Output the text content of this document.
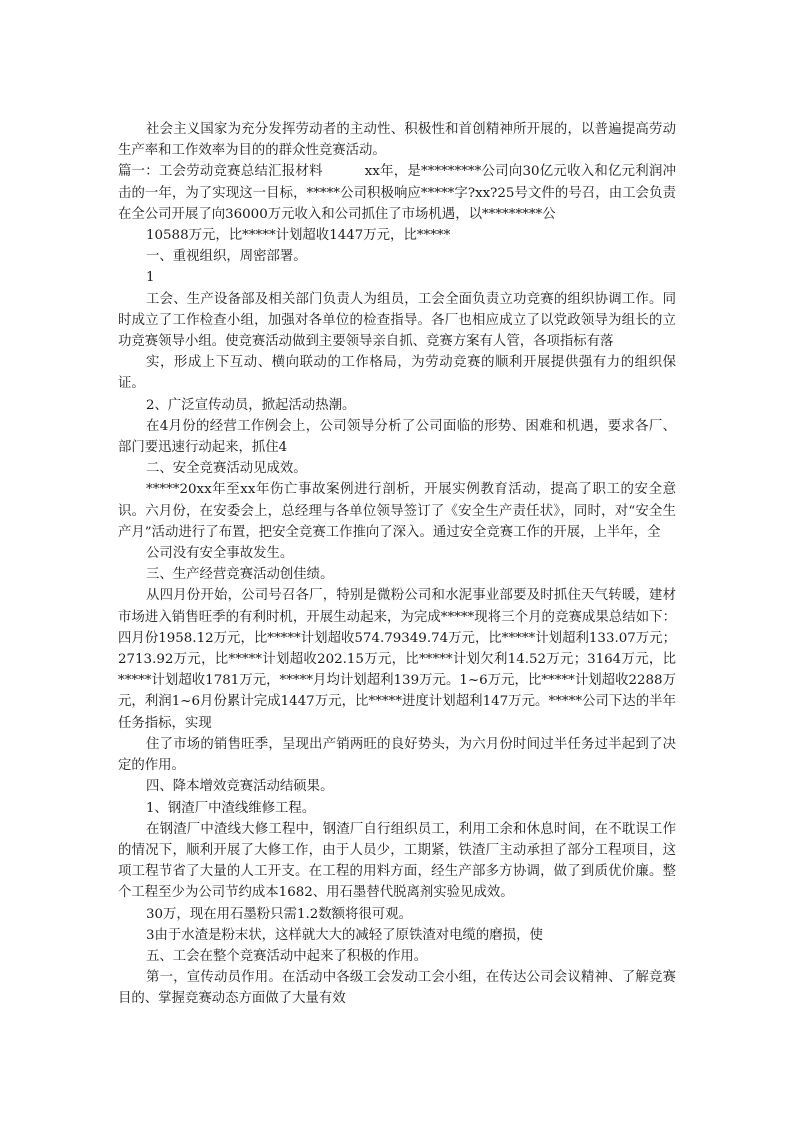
社会主义国家为充分发挥劳动者的主动性、积极性和首创精神所开展的，以普遍提高劳动生产率和工作效率为目的的群众性竞赛活动。

篇一：工会劳动竞赛总结汇报材料	xx年，是*********公司向30亿元收入和亿元利润冲击的一年，为了实现这一目标，*****公司积极响应*****字?xx?25号文件的号召，由工会负责在全公司开展了向36000万元收入和公司抓住了市场机遇，以*********公

10588万元，比*****计划超收1447万元，比*****

一、重视组织，周密部署。

1

工会、生产设备部及相关部门负责人为组员，工会全面负责立功竞赛的组织协调工作。同时成立了工作检查小组，加强对各单位的检查指导。各厂也相应成立了以党政领导为组长的立功竞赛领导小组。使竞赛活动做到主要领导亲自抓、竞赛方案有人管，各项指标有落

实，形成上下互动、横向联动的工作格局，为劳动竞赛的顺利开展提供强有力的组织保证。

2、广泛宣传动员，掀起活动热潮。

在4月份的经营工作例会上，公司领导分析了公司面临的形势、困难和机遇，要求各厂、部门要迅速行动起来，抓住4

二、安全竞赛活动见成效。

*****20xx年至xx年伤亡事故案例进行剖析，开展实例教育活动，提高了职工的安全意识。六月份，在安委会上，总经理与各单位领导签订了《安全生产责任状》，同时，对“安全生产月”活动进行了布置，把安全竞赛工作推向了深入。通过安全竞赛工作的开展，上半年，全

公司没有安全事故发生。

三、生产经营竞赛活动创佳绩。

从四月份开始，公司号召各厂，特别是微粉公司和水泥事业部要及时抓住天气转暖，建材市场进入销售旺季的有利时机，开展生动起来，为完成*****现将三个月的竞赛成果总结如下：四月份1958.12万元，比*****计划超收574.79349.74万元，比*****计划超利133.07万元；2713.92万元，比*****计划超收202.15万元，比*****计划欠利14.52万元；3164万元，比*****计划超收1781万元，*****月均计划超利139万元。1~6万元，比*****计划超收2288万元，利润1~6月份累计完成1447万元，比*****进度计划超利147万元。*****公司下达的半年任务指标，实现

住了市场的销售旺季，呈现出产销两旺的良好势头，为六月份时间过半任务过半起到了决定的作用。

四、降本增效竞赛活动结硕果。

1、钢渣厂中渣线维修工程。

在钢渣厂中渣线大修工程中，钢渣厂自行组织员工，利用工余和休息时间，在不耽误工作的情况下，顺利开展了大修工作，由于人员少，工期紧，铁渣厂主动承担了部分工程项目，这项工程节省了大量的人工开支。在工程的用料方面，经生产部多方协调，做了到质优价廉。整个工程至少为公司节约成本1682、用石墨替代脱离剂实验见成效。

30万，现在用石墨粉只需1.2数额将很可观。

3由于水渣是粉末状，这样就大大的减轻了原铁渣对电缆的磨损，使

五、工会在整个竞赛活动中起来了积极的作用。

第一，宣传动员作用。在活动中各级工会发动工会小组，在传达公司会议精神、了解竞赛目的、掌握竞赛动态方面做了大量有效
